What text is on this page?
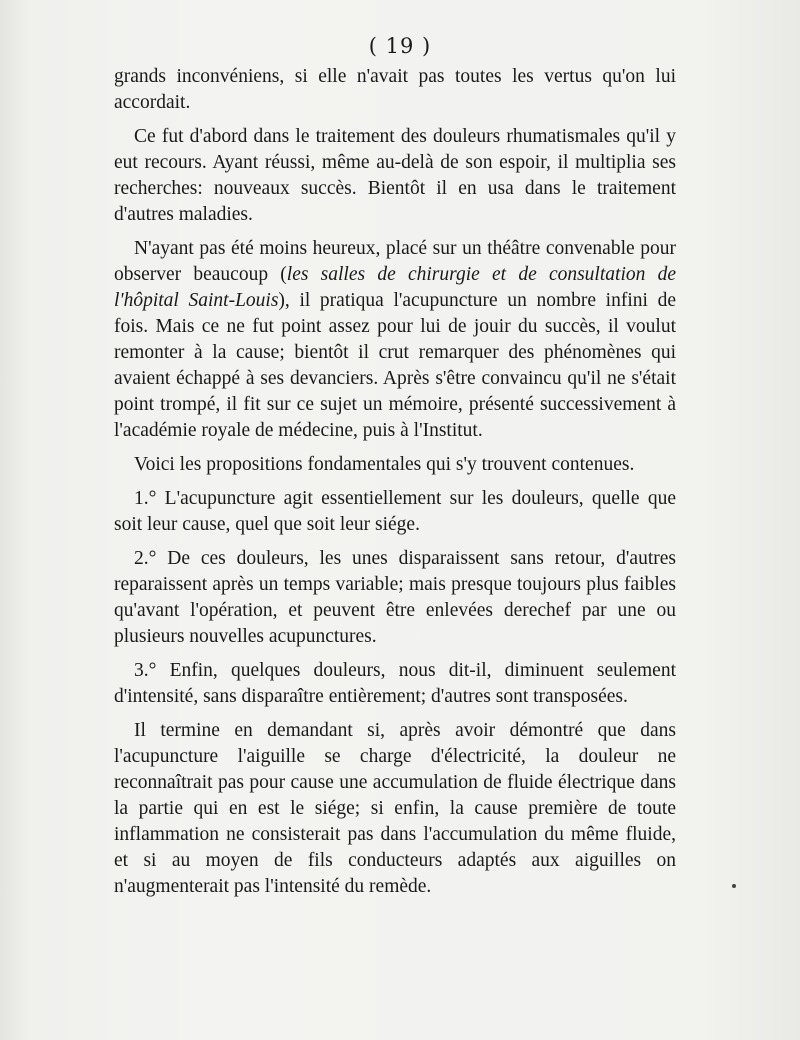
( 19 )

grands inconvéniens, si elle n'avait pas toutes les vertus qu'on lui accordait.

Ce fut d'abord dans le traitement des douleurs rhumatismales qu'il y eut recours. Ayant réussi, même au-delà de son espoir, il multiplia ses recherches: nouveaux succès. Bientôt il en usa dans le traitement d'autres maladies.

N'ayant pas été moins heureux, placé sur un théâtre convenable pour observer beaucoup (les salles de chirurgie et de consultation de l'hôpital Saint-Louis), il pratiqua l'acupuncture un nombre infini de fois. Mais ce ne fut point assez pour lui de jouir du succès, il voulut remonter à la cause; bientôt il crut remarquer des phénomènes qui avaient échappé à ses devanciers. Après s'être convaincu qu'il ne s'était point trompé, il fit sur ce sujet un mémoire, présenté successivement à l'académie royale de médecine, puis à l'Institut.

Voici les propositions fondamentales qui s'y trouvent contenues.

1.° L'acupuncture agit essentiellement sur les douleurs, quelle que soit leur cause, quel que soit leur siége.

2.° De ces douleurs, les unes disparaissent sans retour, d'autres reparaissent après un temps variable; mais presque toujours plus faibles qu'avant l'opération, et peuvent être enlevées derechef par une ou plusieurs nouvelles acupunctures.

3.° Enfin, quelques douleurs, nous dit-il, diminuent seulement d'intensité, sans disparaître entièrement; d'autres sont transposées.

Il termine en demandant si, après avoir démontré que dans l'acupuncture l'aiguille se charge d'électricité, la douleur ne reconnaîtrait pas pour cause une accumulation de fluide électrique dans la partie qui en est le siége; si enfin, la cause première de toute inflammation ne consisterait pas dans l'accumulation du même fluide, et si au moyen de fils conducteurs adaptés aux aiguilles on n'augmenterait pas l'intensité du remède.
